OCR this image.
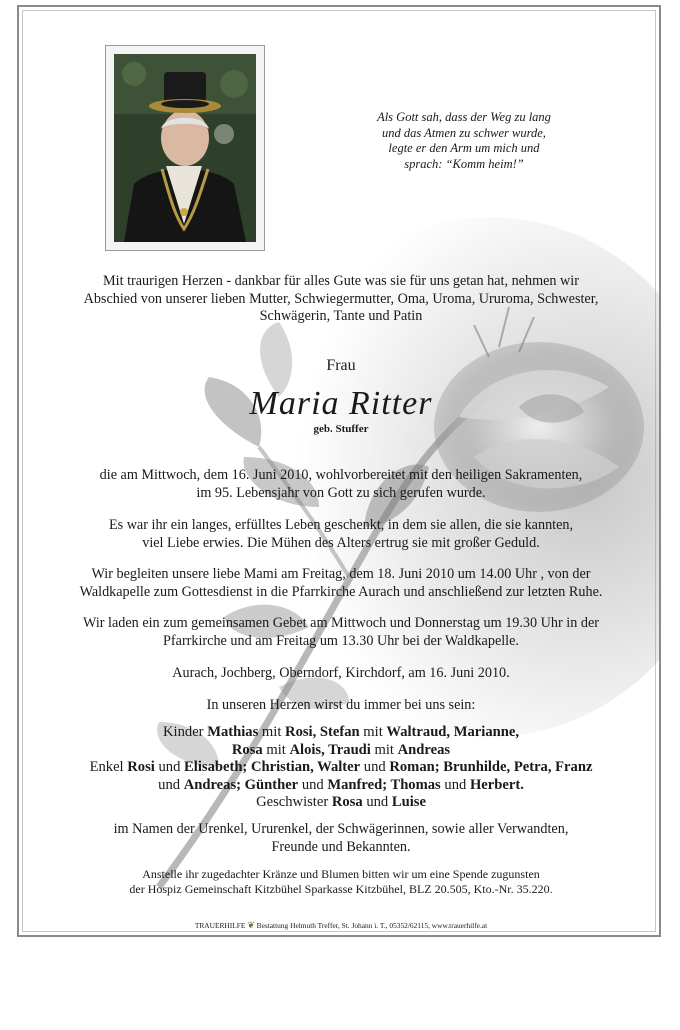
Als Gott sah, dass der Weg zu lang
und das Atmen zu schwer wurde,
legte er den Arm um mich und
sprach: “Komm heim!”
Mit traurigen Herzen - dankbar für alles Gute was sie für uns getan hat, nehmen wir
Abschied von unserer lieben Mutter, Schwiegermutter, Oma, Uroma, Ururoma, Schwester,
Schwägerin, Tante und Patin
Frau
Maria Ritter
geb. Stuffer
die am Mittwoch, dem 16. Juni 2010, wohlvorbereitet mit den heiligen Sakramenten,
im 95. Lebensjahr von Gott zu sich gerufen wurde.
Es war ihr ein langes, erfülltes Leben geschenkt, in dem sie allen, die sie kannten,
viel Liebe erwies. Die Mühen des Alters ertrug sie mit großer Geduld.
Wir begleiten unsere liebe Mami am Freitag, dem 18. Juni 2010 um 14.00 Uhr , von der
Waldkapelle zum Gottesdienst in die Pfarrkirche Aurach und anschließend zur letzten Ruhe.
Wir laden ein zum gemeinsamen Gebet am Mittwoch und Donnerstag um 19.30 Uhr in der
Pfarrkirche und am Freitag um 13.30 Uhr bei der Waldkapelle.
Aurach, Jochberg, Oberndorf, Kirchdorf, am 16. Juni 2010.
In unseren Herzen wirst du immer bei uns sein:
Kinder Mathias mit Rosi, Stefan mit Waltraud, Marianne,
Rosa mit Alois, Traudi mit Andreas
Enkel Rosi und Elisabeth; Christian, Walter und Roman; Brunhilde, Petra, Franz
und Andreas; Günther und Manfred; Thomas und Herbert.
Geschwister Rosa und Luise
im Namen der Urenkel, Ururenkel, der Schwägerinnen, sowie aller Verwandten,
Freunde und Bekannten.
Anstelle ihr zugedachter Kränze und Blumen bitten wir um eine Spende zugunsten
der Hospiz Gemeinschaft Kitzbühel Sparkasse Kitzbühel, BLZ 20.505, Kto.-Nr. 35.220.
TRAUERHILFE ❦ Bestattung Helmuth Treffer, St. Johann i. T., 05352/62115, www.trauerhilfe.at
